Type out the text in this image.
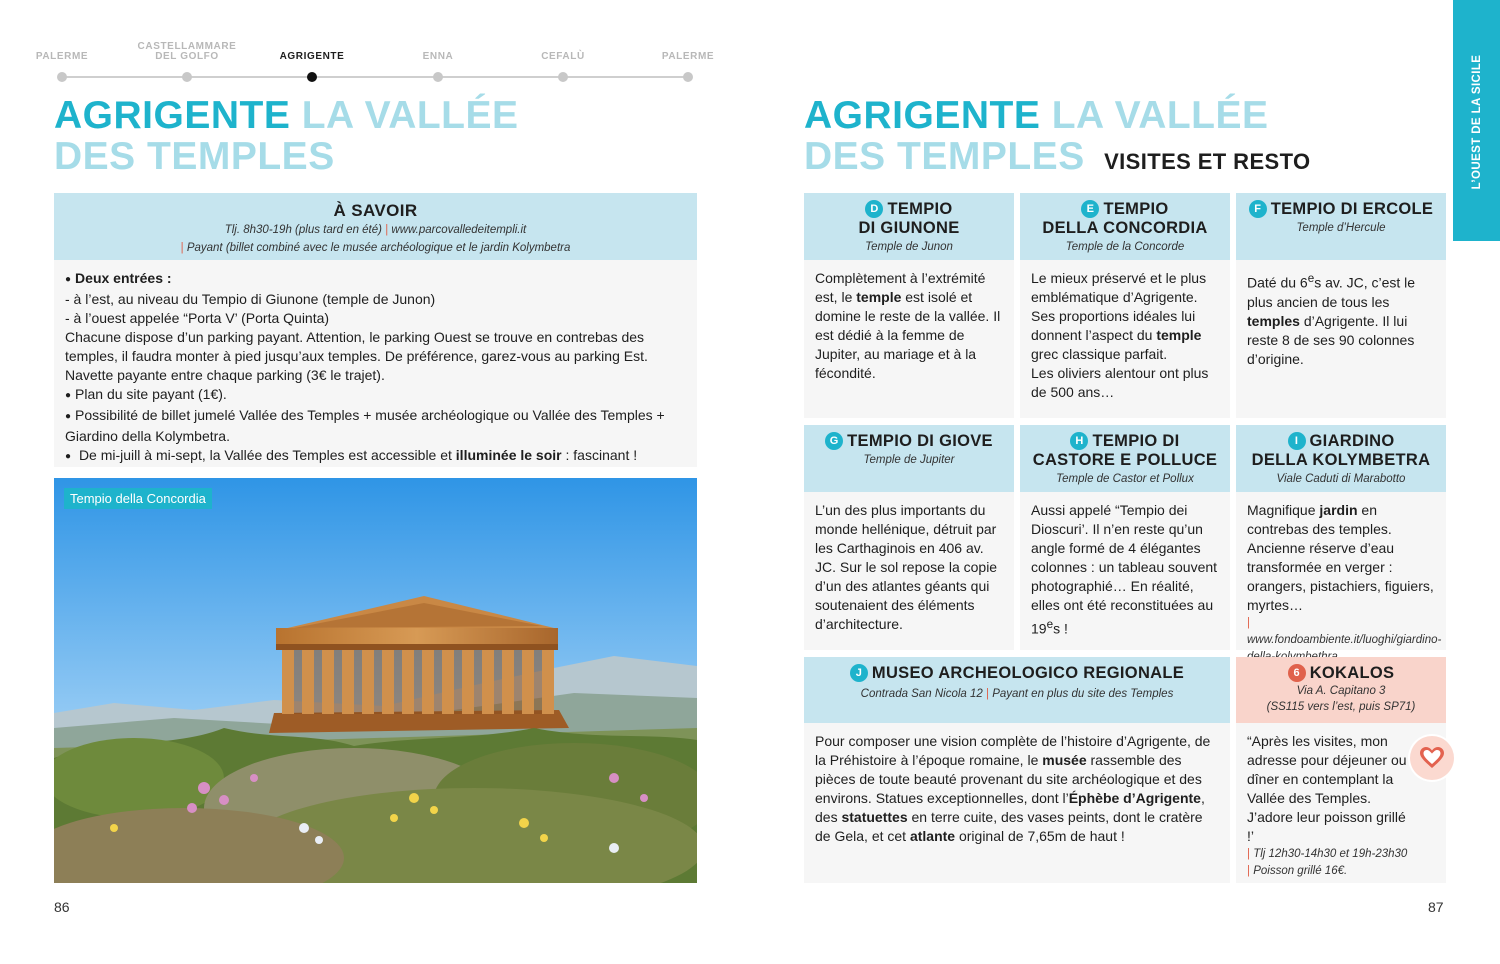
PALERME
CASTELLAMMARE DEL GOLFO	AGRIGENTE	ENNA	CEFALÙ	PALERME
AGRIGENTE LA VALLÉE
DES TEMPLES
À SAVOIR
Tlj. 8h30-19h (plus tard en été) | www.parcovalledeitempli.it
| Payant (billet combiné avec le musée archéologique et le jardin Kolymbetra
● Deux entrées :
- à l’est, au niveau du Tempio di Giunone (temple de Junon)
- à l’ouest appelée “Porta V’ (Porta Quinta)
Chacune dispose d’un parking payant. Attention, le parking Ouest se trouve en contrebas des temples, il faudra monter à pied jusqu’aux temples. De préférence, garez-vous au parking Est. Navette payante entre chaque parking (3€ le trajet).
● Plan du site payant (1€).
● Possibilité de billet jumelé Vallée des Temples + musée archéologique ou Vallée des Temples + Giardino della Kolymbetra.
● De mi-juill à mi-sept, la Vallée des Temples est accessible et illuminée le soir : fascinant !
Tempio della Concordia
86
L’OUEST DE LA SICILE
AGRIGENTE LA VALLÉE
DES TEMPLES VISITES ET RESTO
D TEMPIO
DI GIUNONE
Temple de Junon
Complètement à l’extrémité est, le temple est isolé et domine le reste de la vallée. Il est dédié à la femme de Jupiter, au mariage et à la fécondité.
E TEMPIO
DELLA CONCORDIA
Temple de la Concorde
Le mieux préservé et le plus emblématique d’Agrigente. Ses proportions idéales lui donnent l’aspect du temple grec classique parfait.
Les oliviers alentour ont plus de 500 ans…
F TEMPIO DI ERCOLE
Temple d’Hercule
Daté du 6es av. JC, c’est le plus ancien de tous les temples d’Agrigente. Il lui reste 8 de ses 90 colonnes d’origine.
G TEMPIO DI GIOVE
Temple de Jupiter
L’un des plus importants du monde hellénique, détruit par les Carthaginois en 406 av. JC. Sur le sol repose la copie d’un des atlantes géants qui soutenaient des éléments d’architecture.
H TEMPIO DI
CASTORE E POLLUCE
Temple de Castor et Pollux
Aussi appelé “Tempio dei Dioscuri’. Il n’en reste qu’un angle formé de 4 élégantes colonnes : un tableau souvent photographié… En réalité, elles ont été reconstituées au 19es !
I GIARDINO
DELLA KOLYMBETRA
Viale Caduti di Marabotto
Magnifique jardin en contrebas des temples. Ancienne réserve d’eau transformée en verger : orangers, pistachiers, figuiers, myrtes…
| www.fondoambiente.it/luoghi/giardino-
J MUSEO ARCHEOLOGICO REGIONALE
Contrada San Nicola 12 | Payant en plus du site des Temples
Pour composer une vision complète de l’histoire d’Agrigente, de la Préhistoire à l’époque romaine, le musée rassemble des pièces de toute beauté provenant du site archéologique et des environs. Statues exceptionnelles, dont l’Éphèbe d’Agrigente, des statuettes en terre cuite, des vases peints, dont le cratère de Gela, et cet atlante original de 7,65m de haut !
6 KOKALOS
Via A. Capitano 3
(SS115 vers l’est, puis SP71)
“Après les visites, mon adresse pour déjeuner ou dîner en contemplant la Vallée des Temples. J’adore leur poisson grillé !’
| Tlj 12h30-14h30 et 19h-23h30
| Poisson grillé 16€.
87
